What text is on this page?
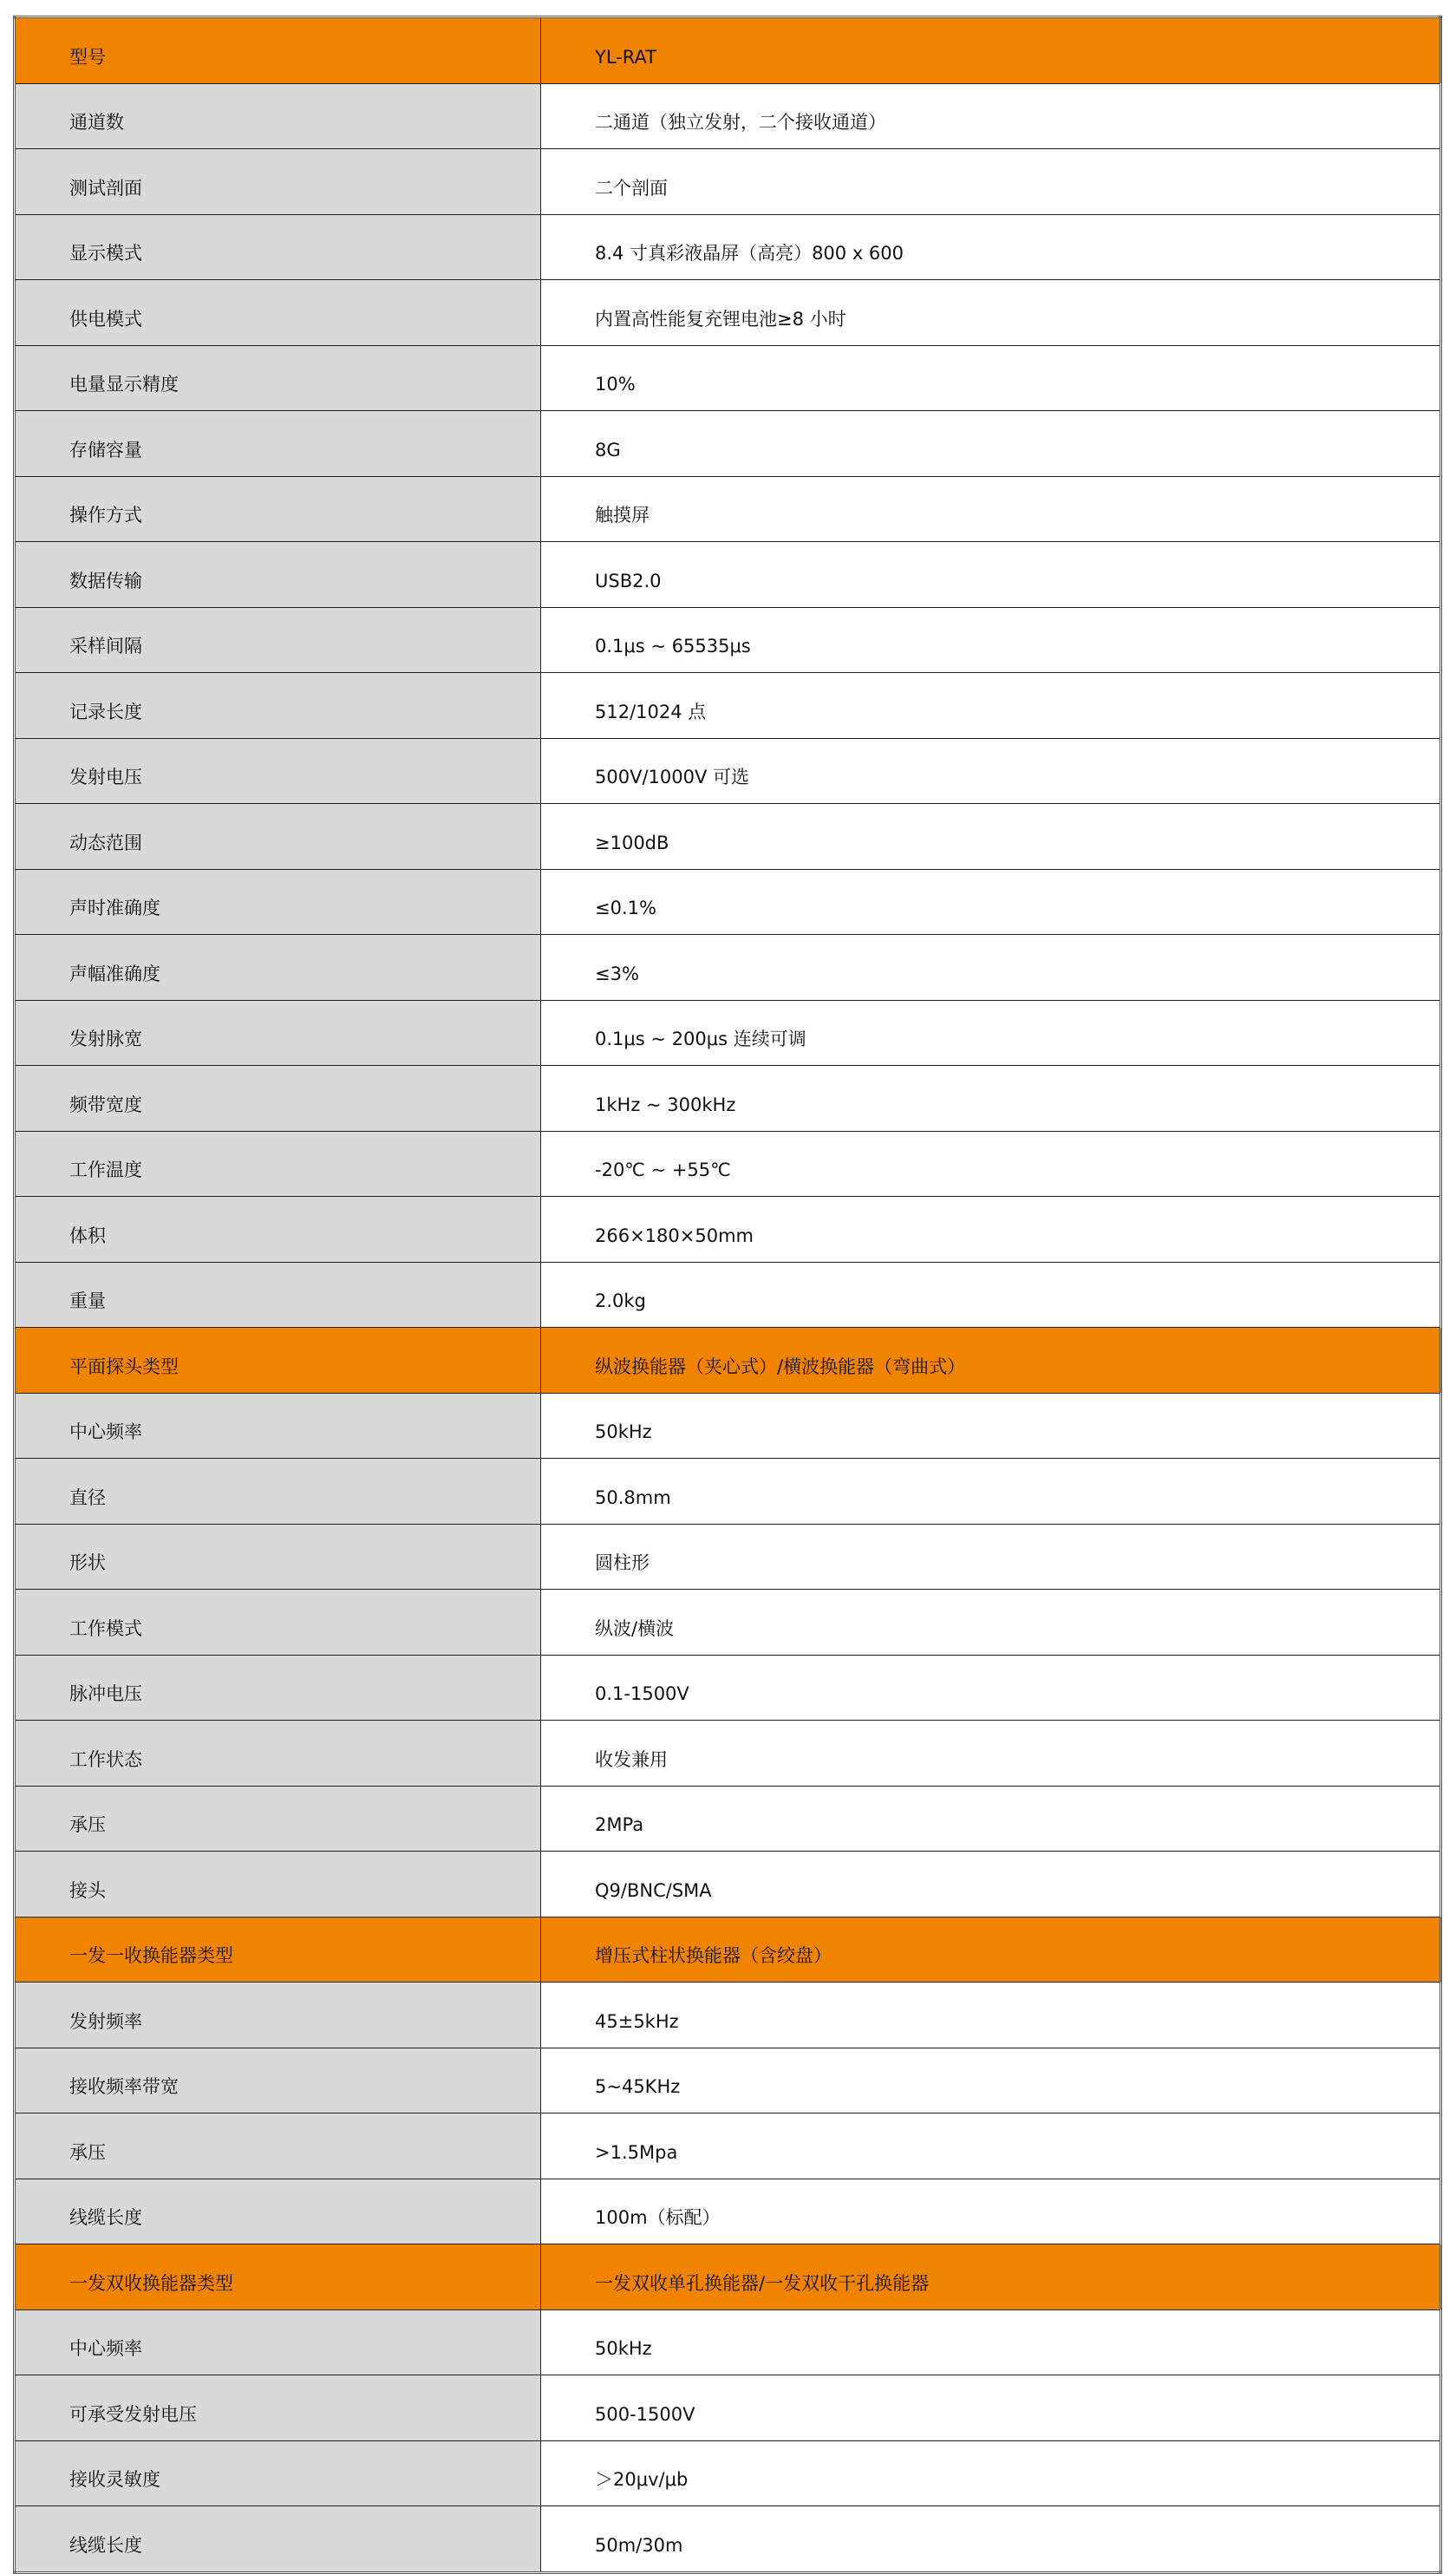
型号	YL-RAT
通道数	二通道（独立发射，二个接收通道）
测试剖面	二个剖面
显示模式	8.4 寸真彩液晶屏（高亮）800 x 600
供电模式	内置高性能复充锂电池≥8 小时
电量显示精度	10%
存储容量	8G
操作方式	触摸屏
数据传输	USB2.0
采样间隔	0.1μs ~ 65535μs
记录长度	512/1024 点
发射电压	500V/1000V 可选
动态范围	≥100dB
声时准确度	≤0.1%
声幅准确度	≤3%
发射脉宽	0.1μs ~ 200μs 连续可调
频带宽度	1kHz ~ 300kHz
工作温度	-20℃ ~ +55℃
体积	266×180×50mm
重量	2.0kg
平面探头类型	纵波换能器（夹心式）/横波换能器（弯曲式）
中心频率	50kHz
直径	50.8mm
形状	圆柱形
工作模式	纵波/横波
脉冲电压	0.1-1500V
工作状态	收发兼用
承压	2MPa
接头	Q9/BNC/SMA
一发一收换能器类型	增压式柱状换能器（含绞盘）
发射频率	45±5kHz
接收频率带宽	5~45KHz
承压	>1.5Mpa
线缆长度	100m（标配）
一发双收换能器类型	一发双收单孔换能器/一发双收干孔换能器
中心频率	50kHz
可承受发射电压	500-1500V
接收灵敏度	＞20μv/μb
线缆长度	50m/30m
